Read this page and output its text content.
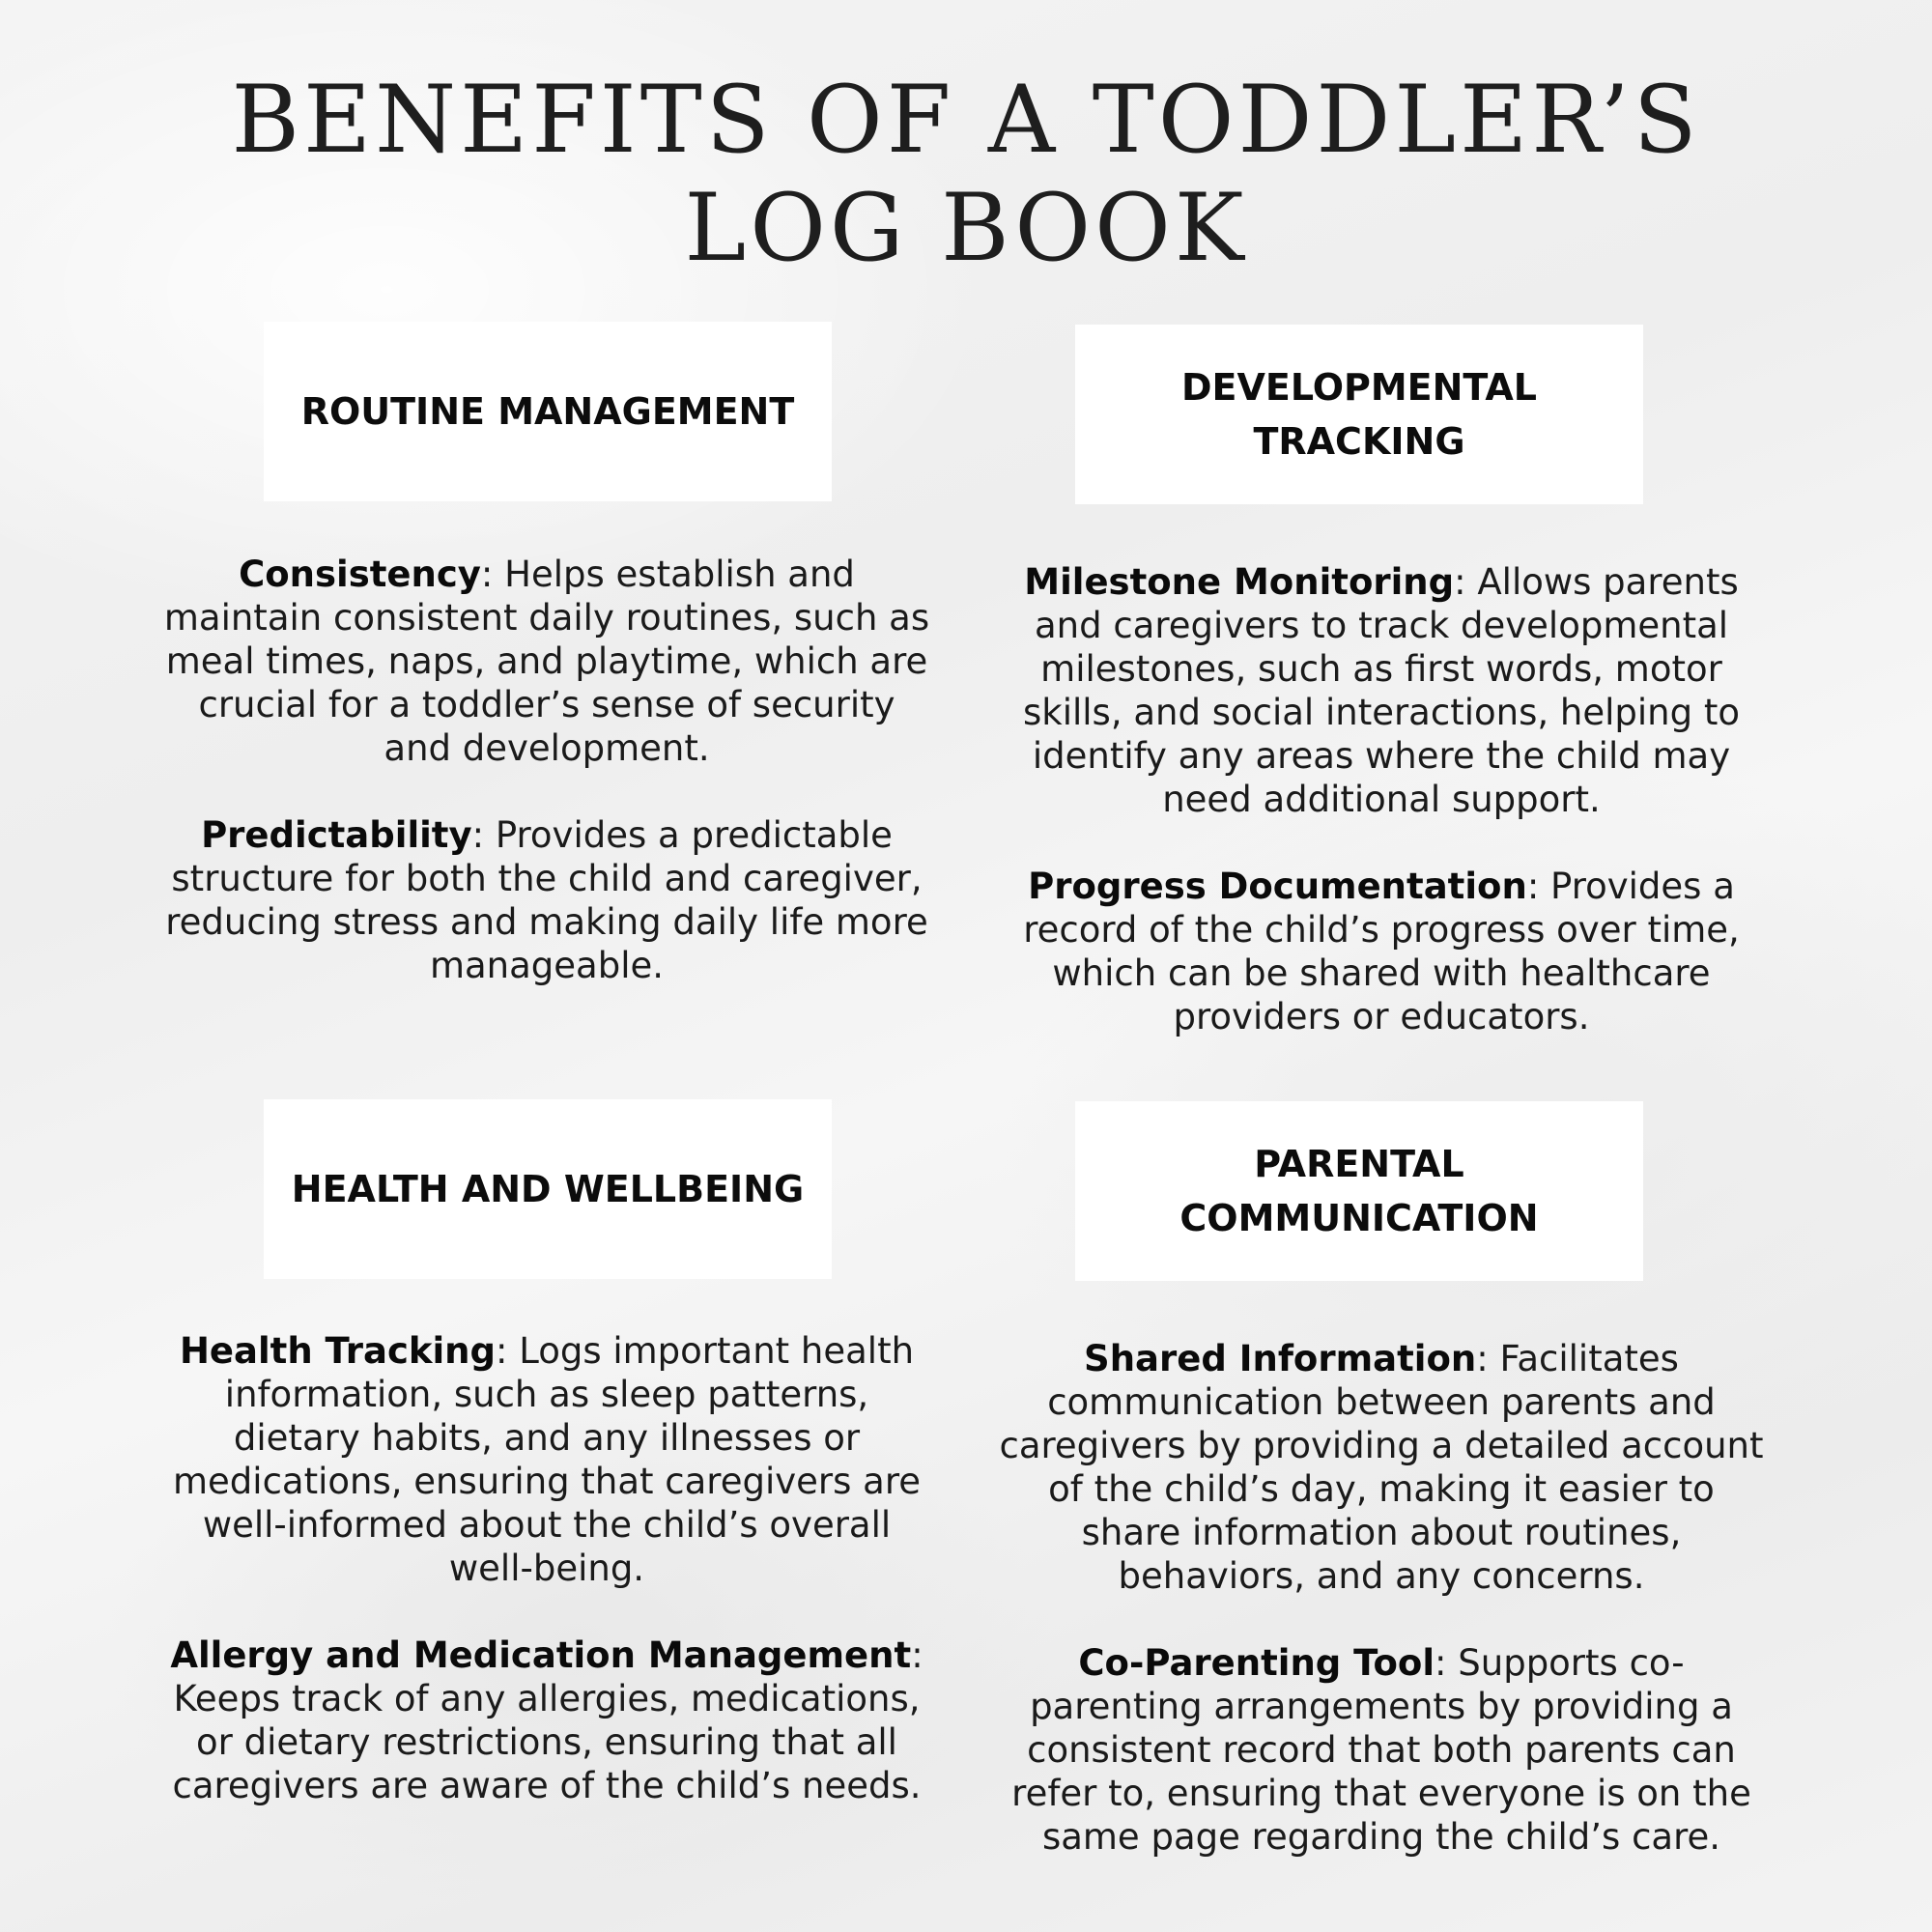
BENEFITS OF A TODDLER’S
LOG BOOK
ROUTINE MANAGEMENT

Consistency: Helps establish and maintain consistent daily routines, such as meal times, naps, and playtime, which are crucial for a toddler’s sense of security and development.

Predictability: Provides a predictable structure for both the child and caregiver, reducing stress and making daily life more manageable.

DEVELOPMENTAL TRACKING

Milestone Monitoring: Allows parents and caregivers to track developmental milestones, such as first words, motor skills, and social interactions, helping to identify any areas where the child may need additional support.

Progress Documentation: Provides a record of the child’s progress over time, which can be shared with healthcare providers or educators.

HEALTH AND WELLBEING

Health Tracking: Logs important health information, such as sleep patterns, dietary habits, and any illnesses or medications, ensuring that caregivers are well-informed about the child’s overall well-being.

Allergy and Medication Management: Keeps track of any allergies, medications, or dietary restrictions, ensuring that all caregivers are aware of the child’s needs.

PARENTAL COMMUNICATION

Shared Information: Facilitates communication between parents and caregivers by providing a detailed account of the child’s day, making it easier to share information about routines, behaviors, and any concerns.

Co-Parenting Tool: Supports co-parenting arrangements by providing a consistent record that both parents can refer to, ensuring that everyone is on the same page regarding the child’s care.
